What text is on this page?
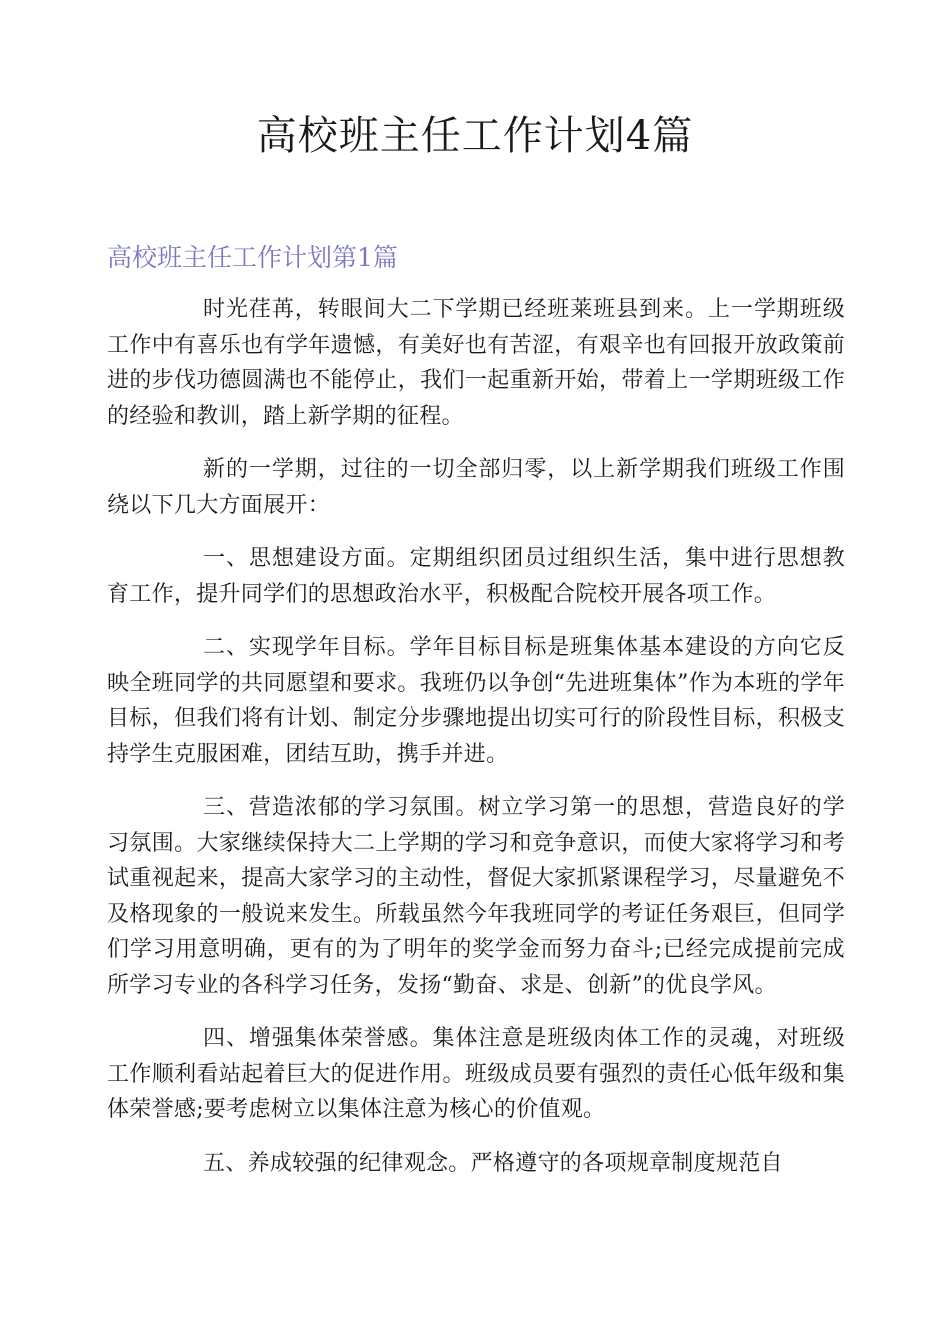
高校班主任工作计划4篇
高校班主任工作计划第1篇

时光荏苒，转眼间大二下学期已经班莱班县到来。上一学期班级工作中有喜乐也有学年遗憾，有美好也有苦涩，有艰辛也有回报开放政策前进的步伐功德圆满也不能停止，我们一起重新开始，带着上一学期班级工作的经验和教训，踏上新学期的征程。

新的一学期，过往的一切全部归零，以上新学期我们班级工作围绕以下几大方面展开：

一、思想建设方面。定期组织团员过组织生活，集中进行思想教育工作，提升同学们的思想政治水平，积极配合院校开展各项工作。

二、实现学年目标。学年目标目标是班集体基本建设的方向它反映全班同学的共同愿望和要求。我班仍以争创“先进班集体”作为本班的学年目标，但我们将有计划、制定分步骤地提出切实可行的阶段性目标，积极支持学生克服困难，团结互助，携手并进。

三、营造浓郁的学习氛围。树立学习第一的思想，营造良好的学习氛围。大家继续保持大二上学期的学习和竞争意识，而使大家将学习和考试重视起来，提高大家学习的主动性，督促大家抓紧课程学习，尽量避免不及格现象的一般说来发生。所载虽然今年我班同学的考证任务艰巨，但同学们学习用意明确，更有的为了明年的奖学金而努力奋斗;已经完成提前完成所学习专业的各科学习任务，发扬“勤奋、求是、创新”的优良学风。

四、增强集体荣誉感。集体注意是班级肉体工作的灵魂，对班级工作顺利看站起着巨大的促进作用。班级成员要有强烈的责任心低年级和集体荣誉感;要考虑树立以集体注意为核心的价值观。

五、养成较强的纪律观念。严格遵守的各项规章制度规范自
